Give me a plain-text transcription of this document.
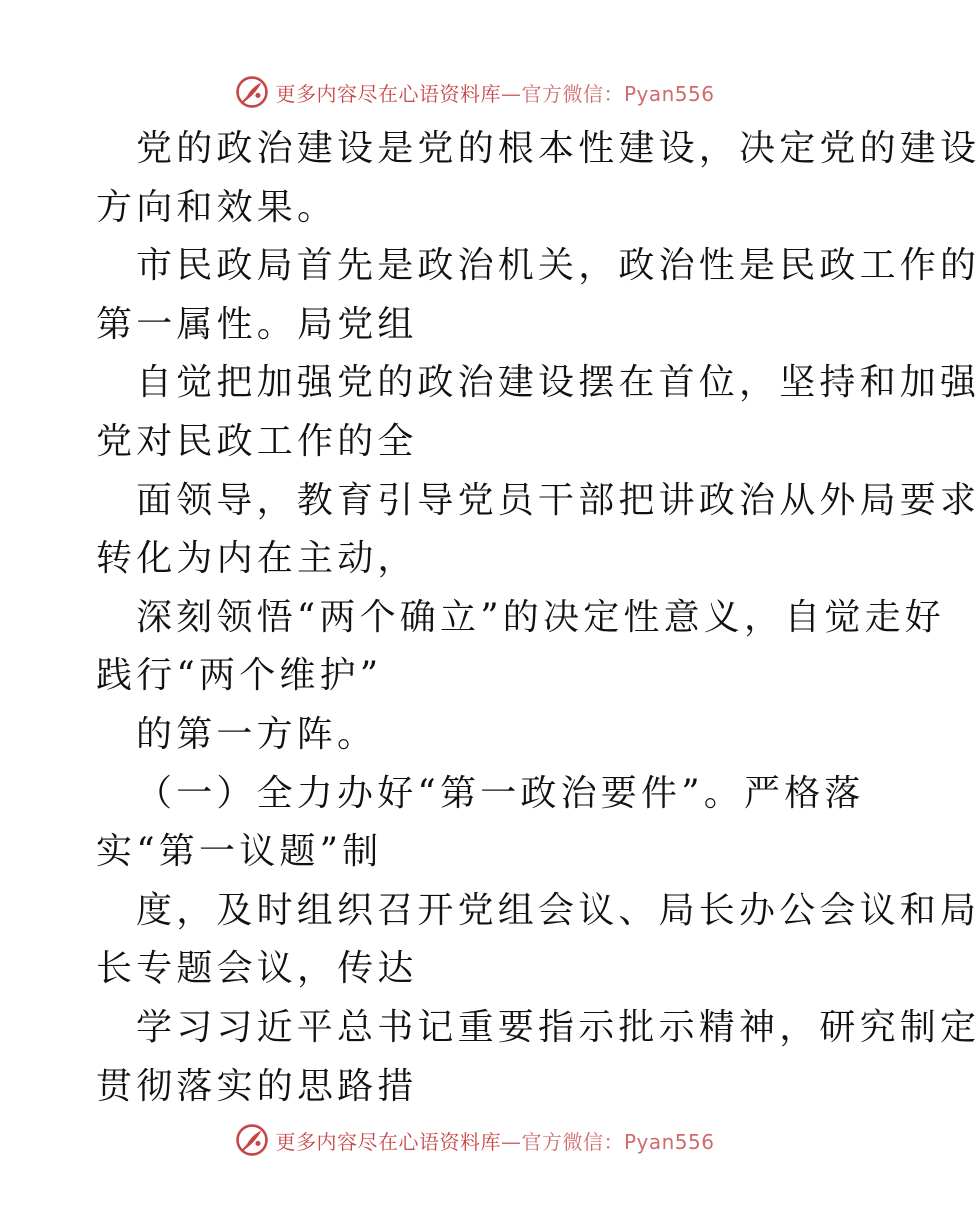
更多内容尽在心语资料库—官方微信：Pyan556
党的政治建设是党的根本性建设，决定党的建设
方向和效果。
市民政局首先是政治机关，政治性是民政工作的
第一属性。局党组
自觉把加强党的政治建设摆在首位，坚持和加强
党对民政工作的全
面领导，教育引导党员干部把讲政治从外局要求
转化为内在主动，
深刻领悟“两个确立”的决定性意义，自觉走好
践行“两个维护”
的第一方阵。
（一）全力办好“第一政治要件”。严格落
实“第一议题”制
度，及时组织召开党组会议、局长办公会议和局
长专题会议，传达
学习习近平总书记重要指示批示精神，研究制定
贯彻落实的思路措
更多内容尽在心语资料库—官方微信：Pyan556
